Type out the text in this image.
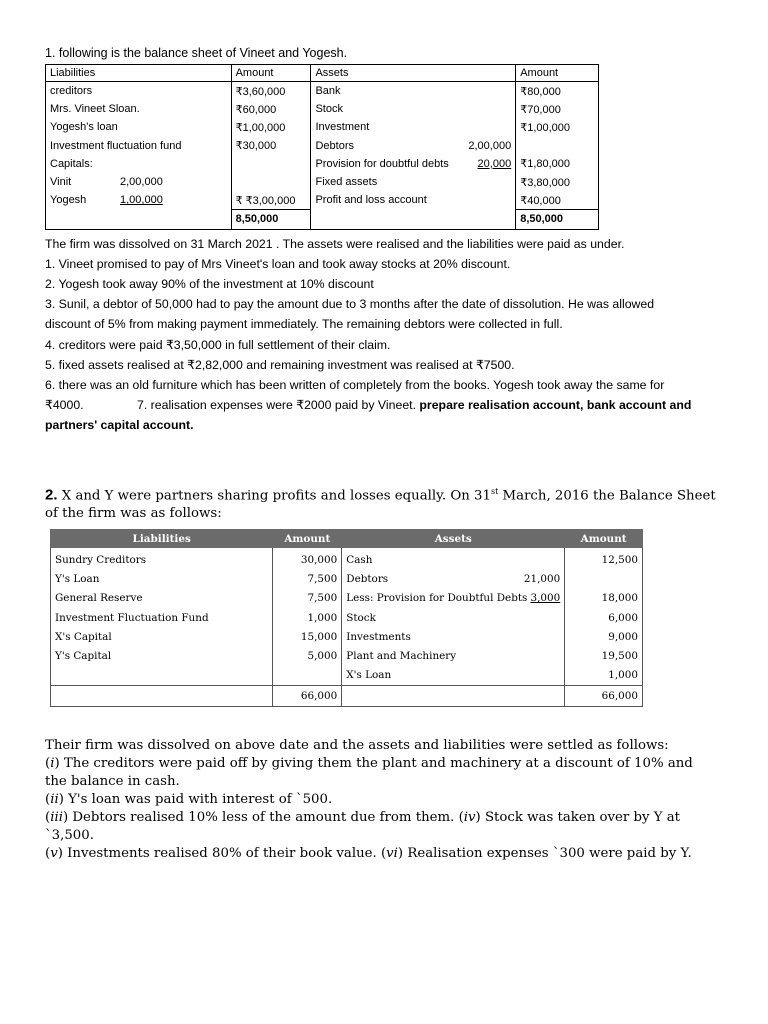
1. following is the balance sheet of Vineet and Yogesh.

Liabilities	Amount	Assets	Amount
creditors	₹3,60,000	Bank	₹80,000
Mrs. Vineet Sloan.	₹60,000	Stock	₹70,000
Yogesh's loan	₹1,00,000	Investment	₹1,00,000
Investment fluctuation fund	₹30,000	Debtors 2,00,000	

Capitals:		Provision for doubtful debts 20,000	₹1,80,000
Vinit 2,00,000		Fixed assets	₹3,80,000
Yogesh 1,00,000	₹ ₹3,00,000	Profit and loss account	₹40,000
	8,50,000		8,50,000

The firm was dissolved on 31 March 2021 . The assets were realised and the liabilities were paid as under.

1. Vineet promised to pay of Mrs Vineet's loan and took away stocks at 20% discount.

2. Yogesh took away 90% of the investment at 10% discount

3. Sunil, a debtor of 50,000 had to pay the amount due to 3 months after the date of dissolution. He was allowed

discount of 5% from making payment immediately. The remaining debtors were collected in full.

4. creditors were paid ₹3,50,000 in full settlement of their claim.

5. fixed assets realised at ₹2,82,000 and remaining investment was realised at ₹7500.

6. there was an old furniture which has been written of completely from the books. Yogesh took away the same for

₹4000.	7. realisation expenses were ₹2000 paid by Vineet. prepare realisation account, bank account and

partners' capital account.

2. X and Y were partners sharing profits and losses equally. On 31st March, 2016 the Balance Sheet
of the firm was as follows:

Liabilities	Amount	Assets	Amount
Sundry Creditors	30,000	Cash	12,500
Y's Loan	7,500	Debtors 21,000	

General Reserve	7,500	Less: Provision for Doubtful Debts 3,000	18,000
Investment Fluctuation Fund	1,000	Stock	6,000
X's Capital	15,000	Investments	9,000
Y's Capital	5,000	Plant and Machinery	19,500
		X's Loan	1,000
	66,000		66,000

Their firm was dissolved on above date and the assets and liabilities were settled as follows:

(i) The creditors were paid off by giving them the plant and machinery at a discount of 10% and

the balance in cash.

(ii) Y's loan was paid with interest of `500.

(iii) Debtors realised 10% less of the amount due from them. (iv) Stock was taken over by Y at `3,500.

(v) Investments realised 80% of their book value. (vi) Realisation expenses `300 were paid by Y.
